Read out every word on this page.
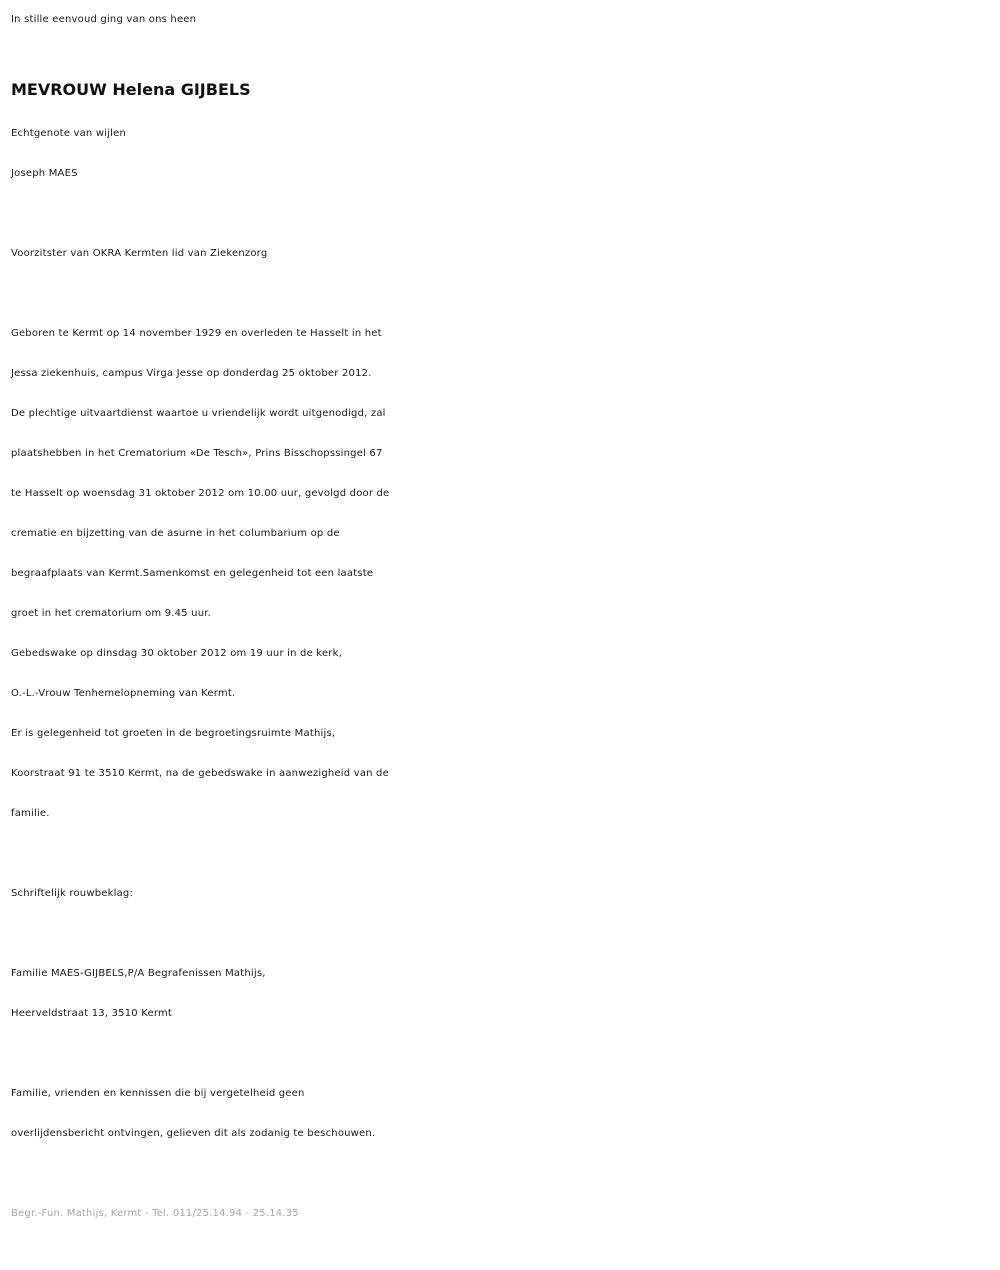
In stille eenvoud ging van ons heen
MEVROUW Helena GIJBELS
Echtgenote van wijlen
Joseph MAES
Voorzitster van OKRA Kermten lid van Ziekenzorg
Geboren te Kermt op 14 november 1929 en overleden te Hasselt in het
Jessa ziekenhuis, campus Virga Jesse op donderdag 25 oktober 2012.
De plechtige uitvaartdienst waartoe u vriendelijk wordt uitgenodigd, zal
plaatshebben in het Crematorium «De Tesch», Prins Bisschopssingel 67
te Hasselt op woensdag 31 oktober 2012 om 10.00 uur, gevolgd door de
crematie en bijzetting van de asurne in het columbarium op de
begraafplaats van Kermt.Samenkomst en gelegenheid tot een laatste
groet in het crematorium om 9.45 uur.
Gebedswake op dinsdag 30 oktober 2012 om 19 uur in de kerk,
O.-L.-Vrouw Tenhemelopneming van Kermt.
Er is gelegenheid tot groeten in de begroetingsruimte Mathijs,
Koorstraat 91 te 3510 Kermt, na de gebedswake in aanwezigheid van de
familie.
Schriftelijk rouwbeklag:
Familie MAES-GIJBELS,P/A Begrafenissen Mathijs,
Heerveldstraat 13, 3510 Kermt
Familie, vrienden en kennissen die bij vergetelheid geen
overlijdensbericht ontvingen, gelieven dit als zodanig te beschouwen.
Begr.-Fun. Mathijs, Kermt - Tel. 011/25.14.94 - 25.14.35
